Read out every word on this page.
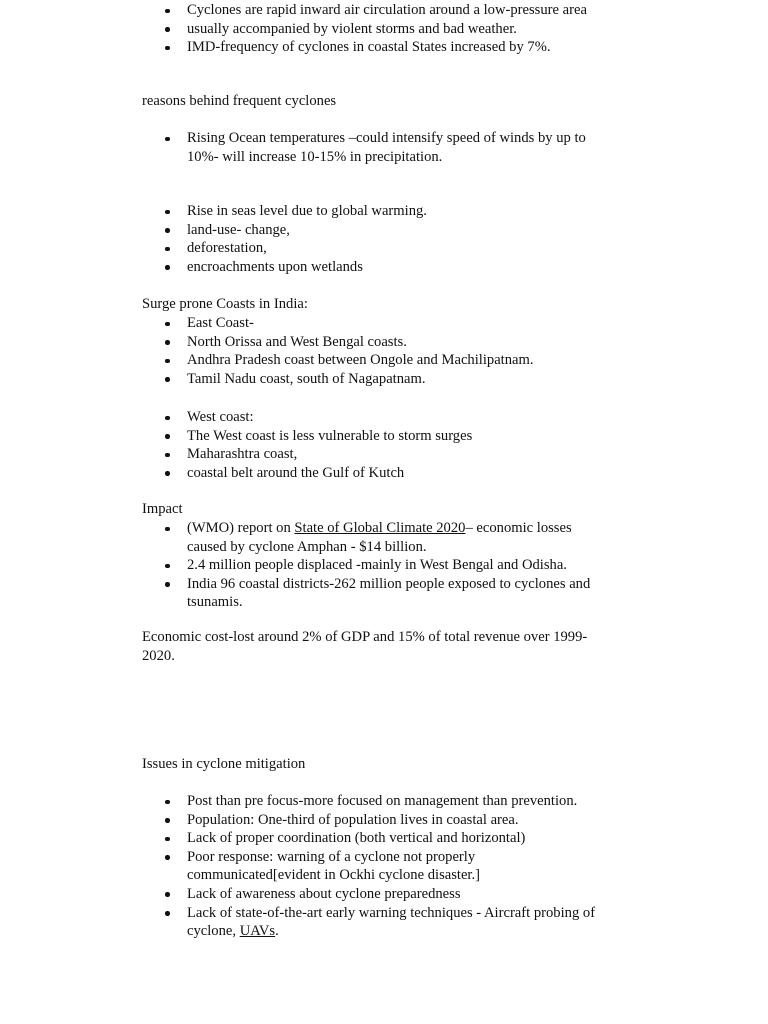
Cyclones are rapid inward air circulation around a low-pressure area
usually accompanied by violent storms and bad weather.
IMD-frequency of cyclones in coastal States increased by 7%.

reasons behind frequent cyclones

Rising Ocean temperatures –could intensify speed of winds by up to 10%- will increase 10-15% in precipitation.
Rise in seas level due to global warming.
land-use- change,
deforestation,
encroachments upon wetlands

Surge prone Coasts in India:

East Coast-
North Orissa and West Bengal coasts.
Andhra Pradesh coast between Ongole and Machilipatnam.
Tamil Nadu coast, south of Nagapatnam.
West coast:
The West coast is less vulnerable to storm surges
Maharashtra coast,
coastal belt around the Gulf of Kutch

Impact

(WMO) report on State of Global Climate 2020– economic losses caused by cyclone Amphan - $14 billion.
2.4 million people displaced -mainly in West Bengal and Odisha.
India 96 coastal districts-262 million people exposed to cyclones and tsunamis.

Economic cost-lost around 2% of GDP and 15% of total revenue over 1999-2020.

Issues in cyclone mitigation

Post than pre focus-more focused on management than prevention.
Population: One-third of population lives in coastal area.
Lack of proper coordination (both vertical and horizontal)
Poor response: warning of a cyclone not properly communicated[evident in Ockhi cyclone disaster.]
Lack of awareness about cyclone preparedness
Lack of state-of-the-art early warning techniques - Aircraft probing of cyclone, UAVs.
